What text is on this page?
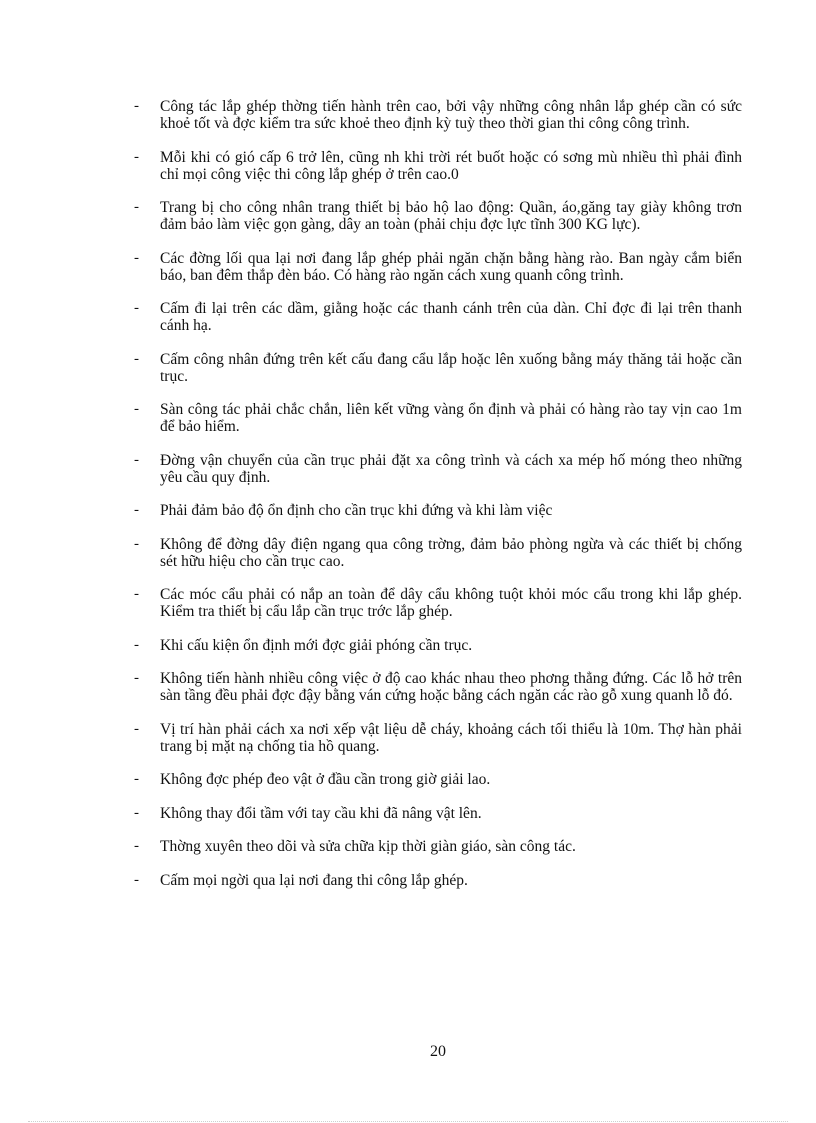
- Công tác lắp ghép thờng tiến hành trên cao, bởi vậy những công nhân lắp ghép cần có sức khoẻ tốt và đợc kiểm tra sức khoẻ theo định kỳ tuỳ theo thời gian thi công công trình.
- Mỗi khi có gió cấp 6 trở lên, cũng nh khi trời rét buốt hoặc có sơng mù nhiều thì phải đình chỉ mọi công việc thi công lắp ghép ở trên cao.0
- Trang bị cho công nhân trang thiết bị bảo hộ lao động: Quần, áo,găng tay giày không trơn đảm bảo làm việc gọn gàng, dây an toàn (phải chịu đợc lực tĩnh 300 KG lực).
- Các đờng lối qua lại nơi đang lắp ghép phải ngăn chặn bằng hàng rào. Ban ngày cắm biển báo, ban đêm thắp đèn báo. Có hàng rào ngăn cách xung quanh công trình.
- Cấm đi lại trên các dầm, giằng hoặc các thanh cánh trên của dàn. Chỉ đợc đi lại trên thanh cánh hạ.
- Cấm công nhân đứng trên kết cấu đang cẩu lắp hoặc lên xuống bằng máy thăng tải hoặc cần trục.
- Sàn công tác phải chắc chắn, liên kết vững vàng ổn định và phải có hàng rào tay vịn cao 1m để bảo hiểm.
- Đờng vận chuyển của cần trục phải đặt xa công trình và cách xa mép hố móng theo những yêu cầu quy định.
- Phải đảm bảo độ ổn định cho cần trục khi đứng và khi làm việc
- Không để đờng dây điện ngang qua công trờng, đảm bảo phòng ngừa và các thiết bị chống sét hữu hiệu cho cần trục cao.
- Các móc cẩu phải có nắp an toàn để dây cẩu không tuột khỏi móc cẩu trong khi lắp ghép. Kiểm tra thiết bị cẩu lắp cần trục trớc lắp ghép.
- Khi cấu kiện ổn định mới đợc giải phóng cần trục.
- Không tiến hành nhiều công việc ở độ cao khác nhau theo phơng thẳng đứng. Các lỗ hở trên sàn tầng đều phải đợc đậy bằng ván cứng hoặc bằng cách ngăn các rào gỗ xung quanh lỗ đó.
- Vị trí hàn phải cách xa nơi xếp vật liệu dễ cháy, khoảng cách tối thiểu là 10m. Thợ hàn phải trang bị mặt nạ chống tia hồ quang.
- Không đợc phép đeo vật ở đầu cần trong giờ giải lao.
- Không thay đổi tầm với tay cầu khi đã nâng vật lên.
- Thờng xuyên theo dõi và sửa chữa kịp thời giàn giáo, sàn công tác.
- Cấm mọi ngời qua lại nơi đang thi công lắp ghép.
20
